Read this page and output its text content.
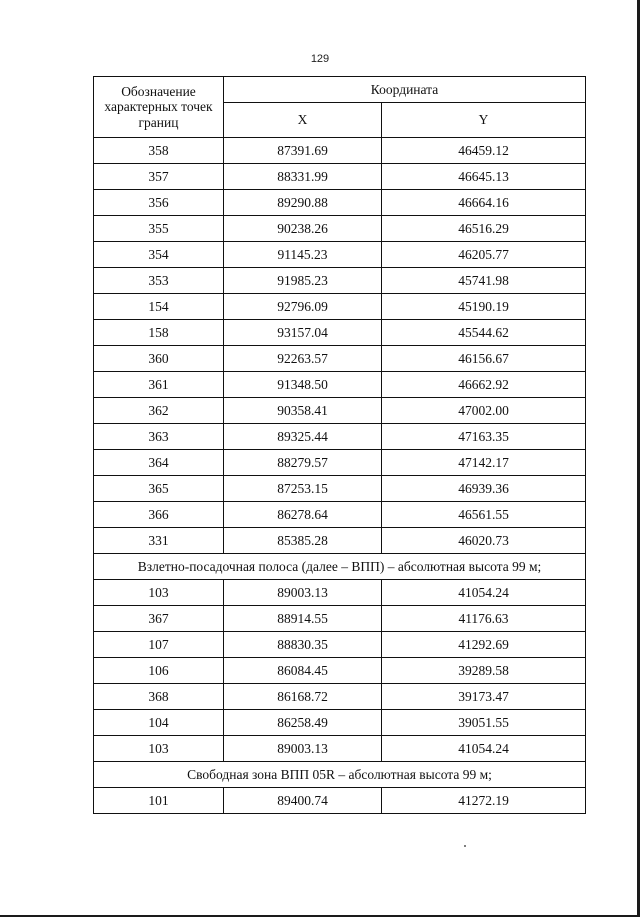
129
Обозначение характерных точек границ	Координата	
	X	Y
358	87391.69	46459.12
357	88331.99	46645.13
356	89290.88	46664.16
355	90238.26	46516.29
354	91145.23	46205.77
353	91985.23	45741.98
154	92796.09	45190.19
158	93157.04	45544.62
360	92263.57	46156.67
361	91348.50	46662.92
362	90358.41	47002.00
363	89325.44	47163.35
364	88279.57	47142.17
365	87253.15	46939.36
366	86278.64	46561.55
331	85385.28	46020.73
Взлетно-посадочная полоса (далее – ВПП) – абсолютная высота 99 м;		
103	89003.13	41054.24
367	88914.55	41176.63
107	88830.35	41292.69
106	86084.45	39289.58
368	86168.72	39173.47
104	86258.49	39051.55
103	89003.13	41054.24
Свободная зона ВПП 05R – абсолютная высота 99 м;		
101	89400.74	41272.19
